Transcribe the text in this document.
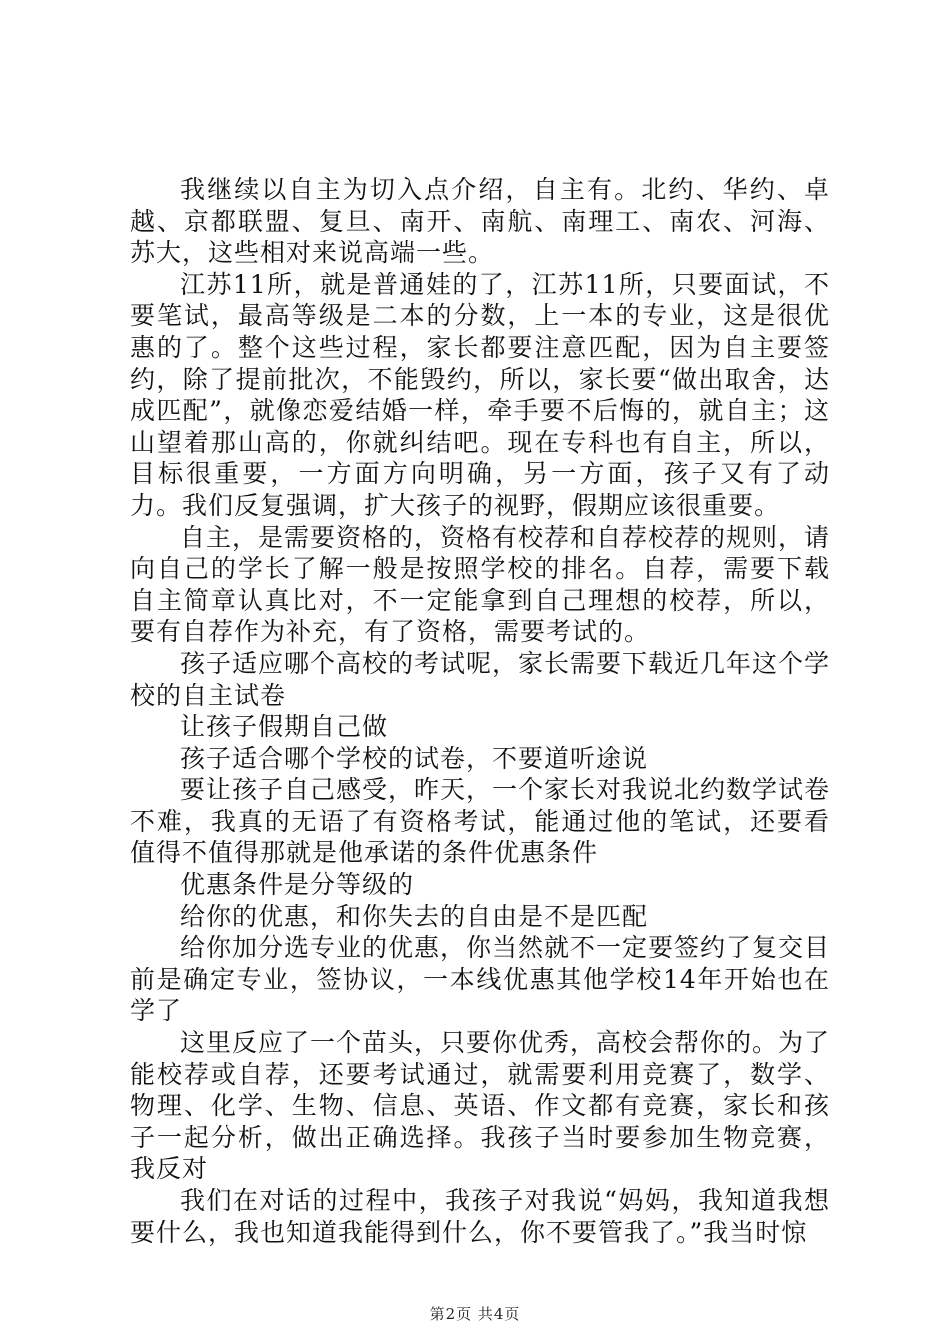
我继续以自主为切入点介绍，自主有。北约、华约、卓越、京都联盟、复旦、南开、南航、南理工、南农、河海、苏大，这些相对来说高端一些。

江苏11所，就是普通娃的了，江苏11所，只要面试，不要笔试，最高等级是二本的分数，上一本的专业，这是很优惠的了。整个这些过程，家长都要注意匹配，因为自主要签约，除了提前批次，不能毁约，所以，家长要“做出取舍，达成匹配”，就像恋爱结婚一样，牵手要不后悔的，就自主；这山望着那山高的，你就纠结吧。现在专科也有自主，所以，目标很重要，一方面方向明确，另一方面，孩子又有了动力。我们反复强调，扩大孩子的视野，假期应该很重要。

自主，是需要资格的，资格有校荐和自荐校荐的规则，请向自己的学长了解一般是按照学校的排名。自荐，需要下载自主简章认真比对，不一定能拿到自己理想的校荐，所以，要有自荐作为补充，有了资格，需要考试的。

孩子适应哪个高校的考试呢，家长需要下载近几年这个学校的自主试卷

让孩子假期自己做

孩子适合哪个学校的试卷，不要道听途说

要让孩子自己感受，昨天，一个家长对我说北约数学试卷不难，我真的无语了有资格考试，能通过他的笔试，还要看值得不值得那就是他承诺的条件优惠条件

优惠条件是分等级的

给你的优惠，和你失去的自由是不是匹配

给你加分选专业的优惠，你当然就不一定要签约了复交目前是确定专业，签协议，一本线优惠其他学校14年开始也在学了

这里反应了一个苗头，只要你优秀，高校会帮你的。为了能校荐或自荐，还要考试通过，就需要利用竞赛了，数学、物理、化学、生物、信息、英语、作文都有竞赛，家长和孩子一起分析，做出正确选择。我孩子当时要参加生物竞赛，我反对

我们在对话的过程中，我孩子对我说“妈妈，我知道我想要什么，我也知道我能得到什么，你不要管我了。”我当时惊

第2页 共4页
